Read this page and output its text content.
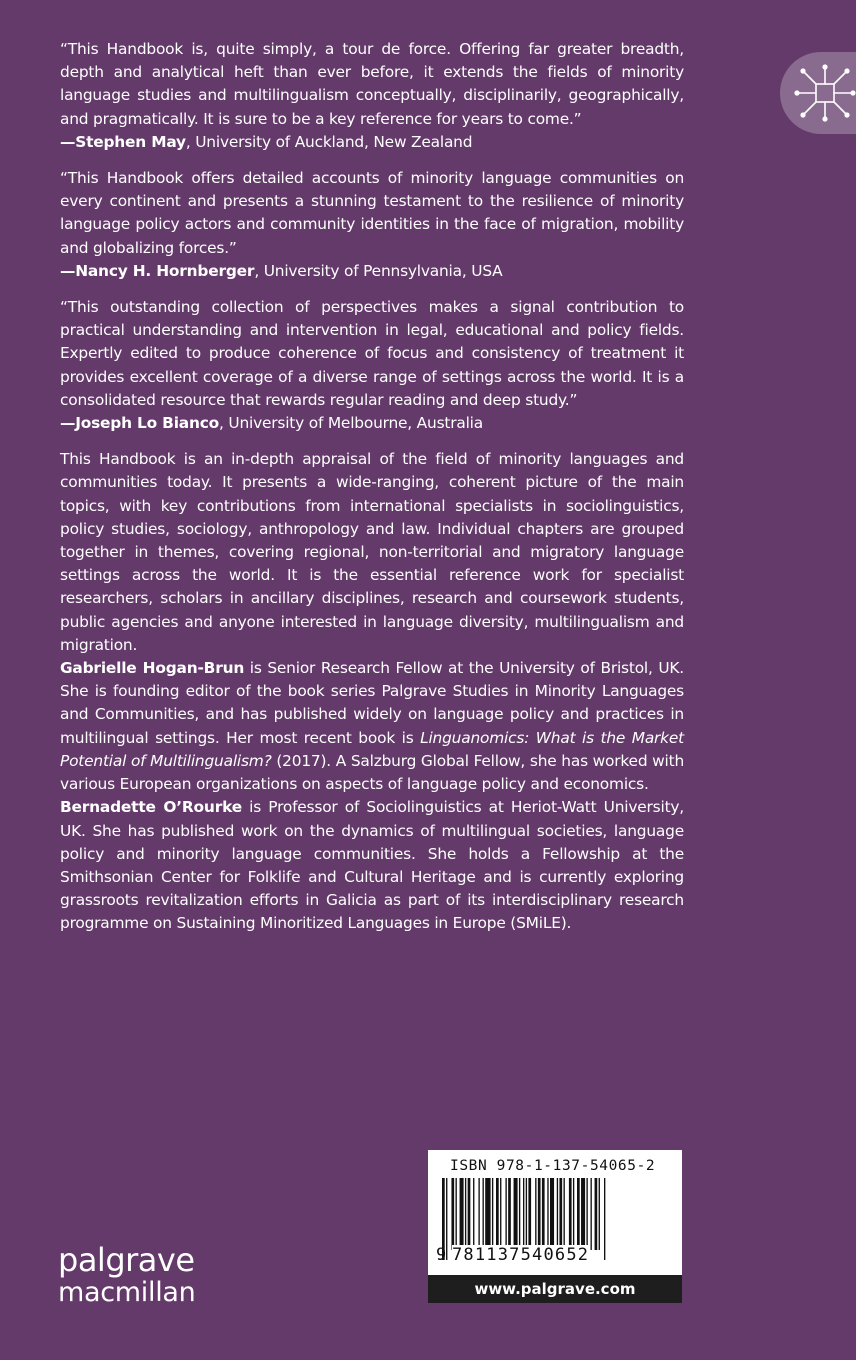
“This Handbook is, quite simply, a tour de force. Offering far greater breadth, depth and analytical heft than ever before, it extends the fields of minority language studies and multilingualism conceptually, disciplinarily, geographically, and pragmatically. It is sure to be a key reference for years to come.”

—Stephen May, University of Auckland, New Zealand

“This Handbook offers detailed accounts of minority language communities on every continent and presents a stunning testament to the resilience of minority language policy actors and community identities in the face of migration, mobility and globalizing forces.”

—Nancy H. Hornberger, University of Pennsylvania, USA

“This outstanding collection of perspectives makes a signal contribution to practical understanding and intervention in legal, educational and policy fields. Expertly edited to produce coherence of focus and consistency of treatment it provides excellent coverage of a diverse range of settings across the world. It is a consolidated resource that rewards regular reading and deep study.”

—Joseph Lo Bianco, University of Melbourne, Australia

This Handbook is an in-depth appraisal of the field of minority languages and communities today. It presents a wide-ranging, coherent picture of the main topics, with key contributions from international specialists in sociolinguistics, policy studies, sociology, anthropology and law. Individual chapters are grouped together in themes, covering regional, non-territorial and migratory language settings across the world. It is the essential reference work for specialist researchers, scholars in ancillary disciplines, research and coursework students, public agencies and anyone interested in language diversity, multilingualism and migration.

Gabrielle Hogan-Brun is Senior Research Fellow at the University of Bristol, UK. She is founding editor of the book series Palgrave Studies in Minority Languages and Communities, and has published widely on language policy and practices in multilingual settings. Her most recent book is Linguanomics: What is the Market Potential of Multilingualism? (2017). A Salzburg Global Fellow, she has worked with various European organizations on aspects of language policy and economics.

Bernadette O’Rourke is Professor of Sociolinguistics at Heriot-Watt University, UK. She has published work on the dynamics of multilingual societies, language policy and minority language communities. She holds a Fellowship at the Smithsonian Center for Folklife and Cultural Heritage and is currently exploring grassroots revitalization efforts in Galicia as part of its interdisciplinary research programme on Sustaining Minoritized Languages in Europe (SMiLE).

palgrave
macmillan
ISBN 978-1-137-54065-2
9 781137540652
www.palgrave.com
